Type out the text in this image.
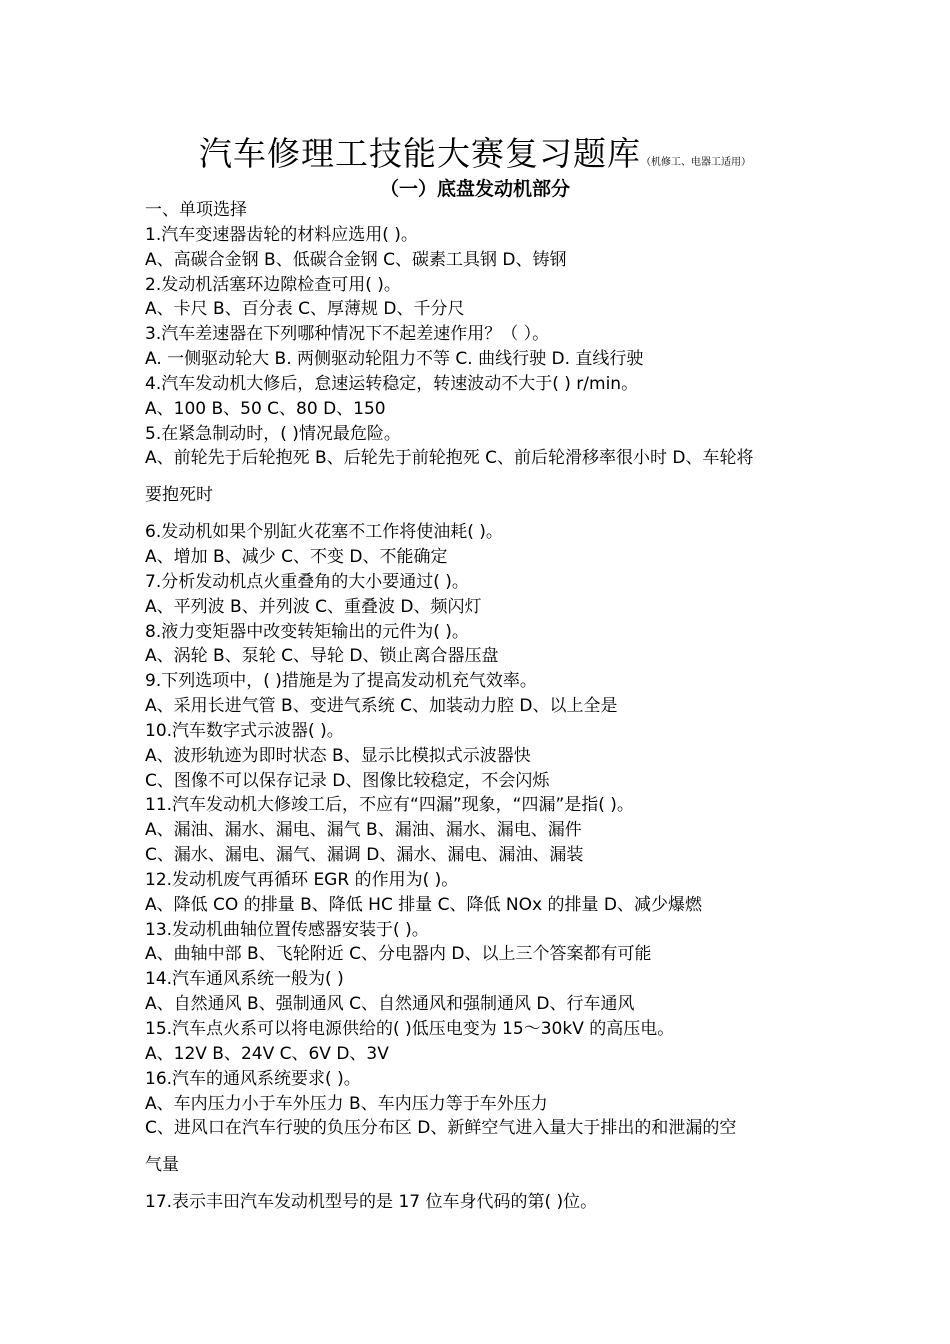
汽车修理工技能大赛复习题库（机修工、电器工适用）
（一）底盘发动机部分
一、单项选择
1.汽车变速器齿轮的材料应选用( )。
A、高碳合金钢 B、低碳合金钢 C、碳素工具钢 D、铸钢
2.发动机活塞环边隙检查可用( )。
A、卡尺 B、百分表 C、厚薄规 D、千分尺
3.汽车差速器在下列哪种情况下不起差速作用？（ ）。
A. 一侧驱动轮大 B. 两侧驱动轮阻力不等 C. 曲线行驶 D. 直线行驶
4.汽车发动机大修后，怠速运转稳定，转速波动不大于( ) r/min。
A、100 B、50 C、80 D、150
5.在紧急制动时，( )情况最危险。
A、前轮先于后轮抱死 B、后轮先于前轮抱死 C、前后轮滑移率很小时 D、车轮将
要抱死时
6.发动机如果个别缸火花塞不工作将使油耗( )。
A、增加 B、减少 C、不变 D、不能确定
7.分析发动机点火重叠角的大小要通过( )。
A、平列波 B、并列波 C、重叠波 D、频闪灯
8.液力变矩器中改变转矩输出的元件为( )。
A、涡轮 B、泵轮 C、导轮 D、锁止离合器压盘
9.下列选项中，( )措施是为了提高发动机充气效率。
A、采用长进气管 B、变进气系统 C、加装动力腔 D、以上全是
10.汽车数字式示波器( )。
A、波形轨迹为即时状态 B、显示比模拟式示波器快
C、图像不可以保存记录 D、图像比较稳定，不会闪烁
11.汽车发动机大修竣工后，不应有“四漏”现象，“四漏”是指( )。
A、漏油、漏水、漏电、漏气 B、漏油、漏水、漏电、漏件
C、漏水、漏电、漏气、漏调 D、漏水、漏电、漏油、漏装
12.发动机废气再循环 EGR 的作用为( )。
A、降低 CO 的排量 B、降低 HC 排量 C、降低 NOx 的排量 D、减少爆燃
13.发动机曲轴位置传感器安装于( )。
A、曲轴中部 B、飞轮附近 C、分电器内 D、以上三个答案都有可能
14.汽车通风系统一般为( )
A、自然通风 B、强制通风 C、自然通风和强制通风 D、行车通风
15.汽车点火系可以将电源供给的( )低压电变为 15～30kV 的高压电。
A、12V B、24V C、6V D、3V
16.汽车的通风系统要求( )。
A、车内压力小于车外压力 B、车内压力等于车外压力
C、进风口在汽车行驶的负压分布区 D、新鲜空气进入量大于排出的和泄漏的空
气量
17.表示丰田汽车发动机型号的是 17 位车身代码的第( )位。
